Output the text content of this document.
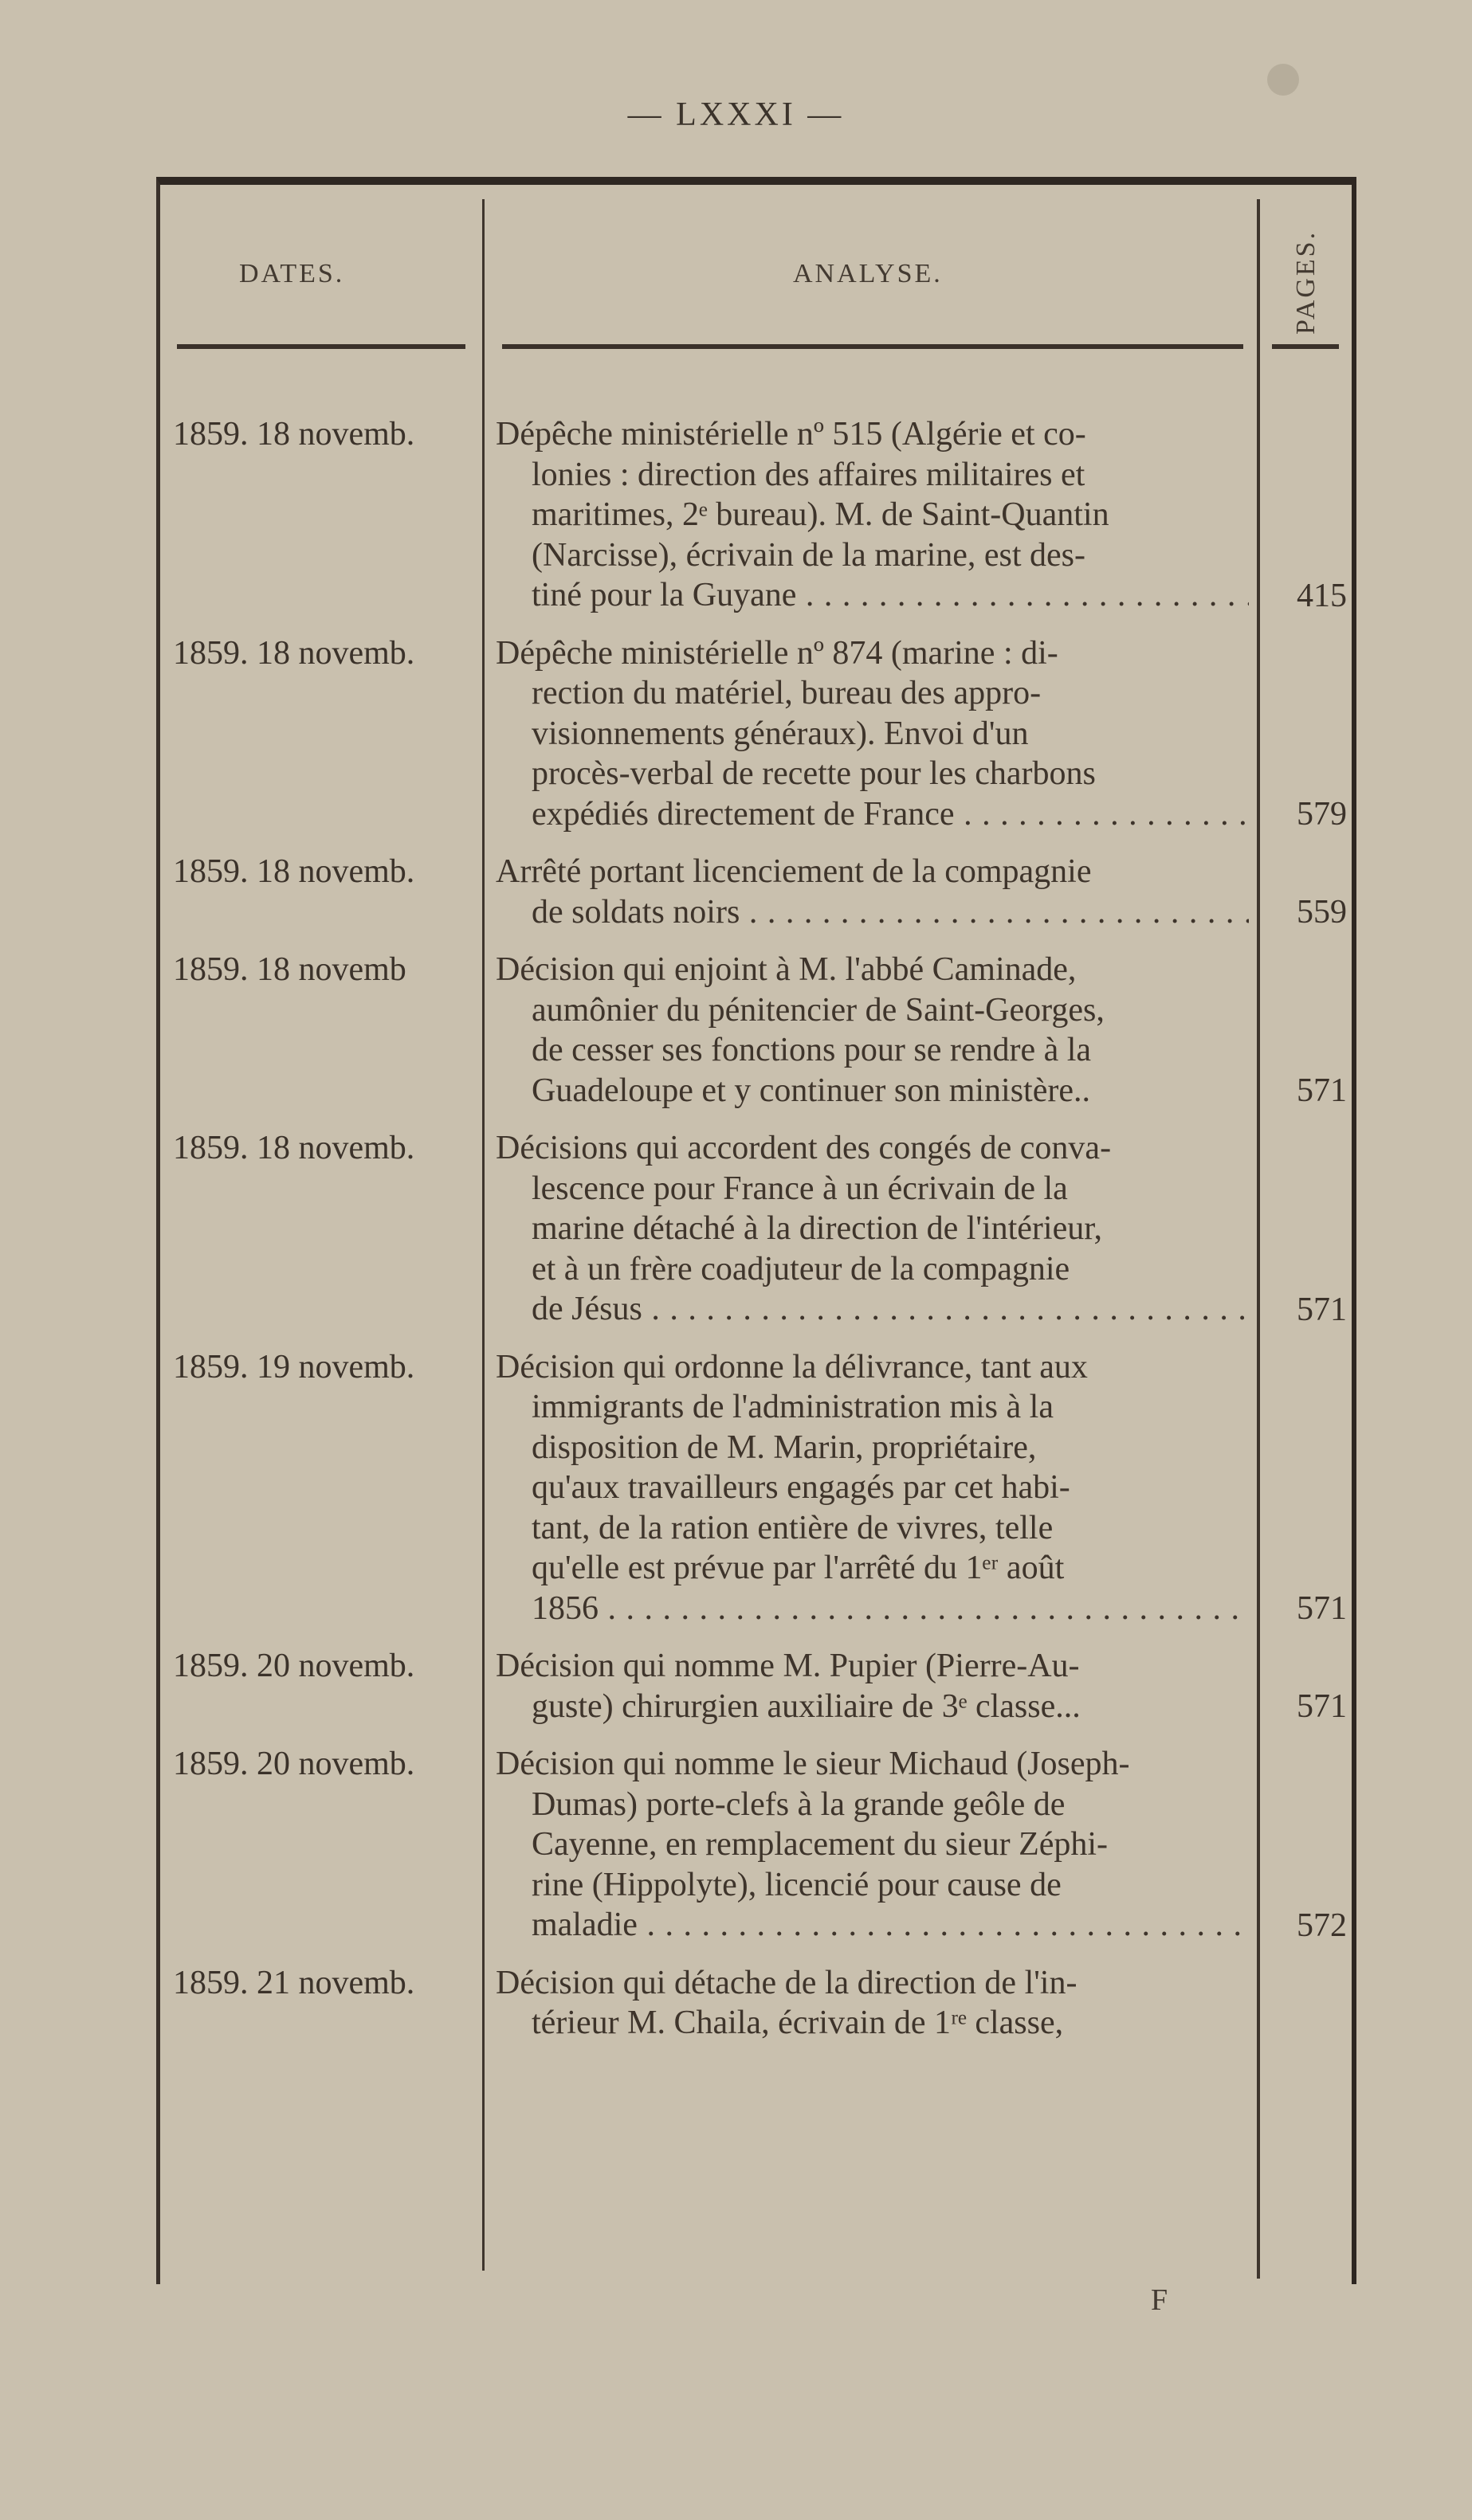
— LXXXI —
DATES.	ANALYSE.	PAGES.
1859. 18 novemb.	Dépêche ministérielle nº 515 (Algérie et co-
lonies : direction des affaires militaires et
maritimes, 2ᵉ bureau). M. de Saint-Quantin
(Narcisse), écrivain de la marine, est des-
tiné pour la Guyane . . .	415
1859. 18 novemb.	Dépêche ministérielle nº 874 (marine : di-
rection du matériel, bureau des appro-
visionnements généraux). Envoi d'un
procès-verbal de recette pour les charbons
expédiés directement de France . . .	579
1859. 18 novemb.	Arrêté portant licenciement de la compagnie
de soldats noirs . . .	559
1859. 18 novemb	Décision qui enjoint à M. l'abbé Caminade,
aumônier du pénitencier de Saint-Georges,
de cesser ses fonctions pour se rendre à la
Guadeloupe et y continuer son ministère..	571
1859. 18 novemb.	Décisions qui accordent des congés de conva-
lescence pour France à un écrivain de la
marine détaché à la direction de l'intérieur,
et à un frère coadjuteur de la compagnie
de Jésus . . .	571
1859. 19 novemb.	Décision qui ordonne la délivrance, tant aux
immigrants de l'administration mis à la
disposition de M. Marin, propriétaire,
qu'aux travailleurs engagés par cet habi-
tant, de la ration entière de vivres, telle
qu'elle est prévue par l'arrêté du 1ᵉʳ août
1856 . . .	571
1859. 20 novemb.	Décision qui nomme M. Pupier (Pierre-Au-
guste) chirurgien auxiliaire de 3ᵉ classe...	571
1859. 20 novemb.	Décision qui nomme le sieur Michaud (Joseph-
Dumas) porte-clefs à la grande geôle de
Cayenne, en remplacement du sieur Zéphi-
rine (Hippolyte), licencié pour cause de
maladie . . .	572
1859. 21 novemb.	Décision qui détache de la direction de l'in-
térieur M. Chaila, écrivain de 1ʳᵉ classe,
F
